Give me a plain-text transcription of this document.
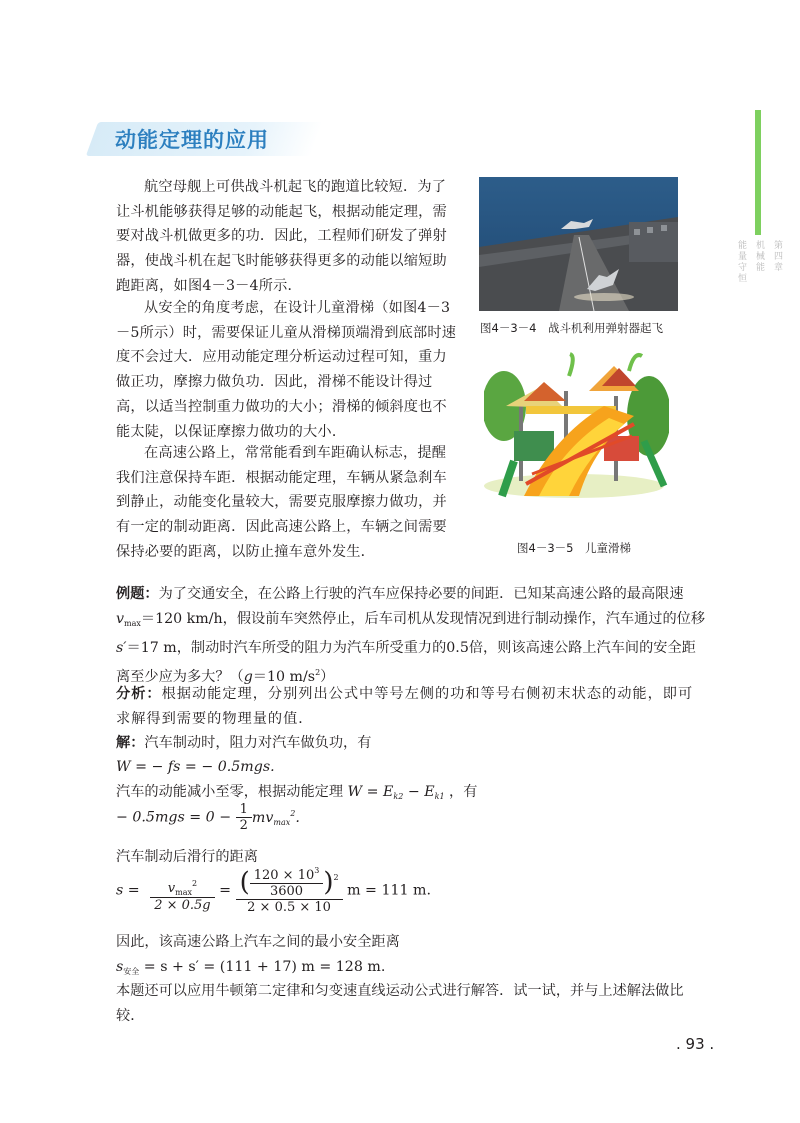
第四章
机械能
能量守恒
动能定理的应用
航空母舰上可供战斗机起飞的跑道比较短．为了让斗机能够获得足够的动能起飞，根据动能定理，需要对战斗机做更多的功．因此，工程师们研发了弹射器，使战斗机在起飞时能够获得更多的动能以缩短助跑距离，如图4－3－4所示．
从安全的角度考虑，在设计儿童滑梯（如图4－3－5所示）时，需要保证儿童从滑梯顶端滑到底部时速度不会过大．应用动能定理分析运动过程可知，重力做正功，摩擦力做负功．因此，滑梯不能设计得过高，以适当控制重力做功的大小；滑梯的倾斜度也不能太陡，以保证摩擦力做功的大小．
在高速公路上，常常能看到车距确认标志，提醒我们注意保持车距．根据动能定理，车辆从紧急刹车到静止，动能变化量较大，需要克服摩擦力做功，并有一定的制动距离．因此高速公路上，车辆之间需要保持必要的距离，以防止撞车意外发生．
图4－3－4　战斗机利用弹射器起飞
图4－3－5　儿童滑梯
例题：为了交通安全，在公路上行驶的汽车应保持必要的间距．已知某高速公路的最高限速$v_{max}=120$ km/h，假设前车突然停止，后车司机从发现情况到进行制动操作，汽车通过的位移s′＝17 m，制动时汽车所受的阻力为汽车所受重力的0.5倍，则该高速公路上汽车间的安全距离至少应为多大？（g＝10 $m/s^2$）
分析：根据动能定理，分别列出公式中等号左侧的功和等号右侧初末状态的动能，即可求解得到需要的物理量的值．
解：汽车制动时，阻力对汽车做负功，有
W = − fs = − 0.5mgs.
汽车的动能减小至零，根据动能定理 $W = E_{k2} - E_{k1}$ ，有
− $0.5mgs = 0 - \frac{1}{2} mv_{max}^2$.
汽车制动后滑行的距离
$s = \frac{v_{max}^2}{2 \times 0.5g} = \frac{( \frac{120 \times 10^3}{3600} )^2}{2 \times 0.5 \times 10}$ m = 111 m.
因此，该高速公路上汽车之间的最小安全距离
$s_{安全} = s + s' = (111 + 17) m = 128$ m.
本题还可以应用牛顿第二定律和匀变速直线运动公式进行解答．试一试，并与上述解法做比较．
. 93 .
